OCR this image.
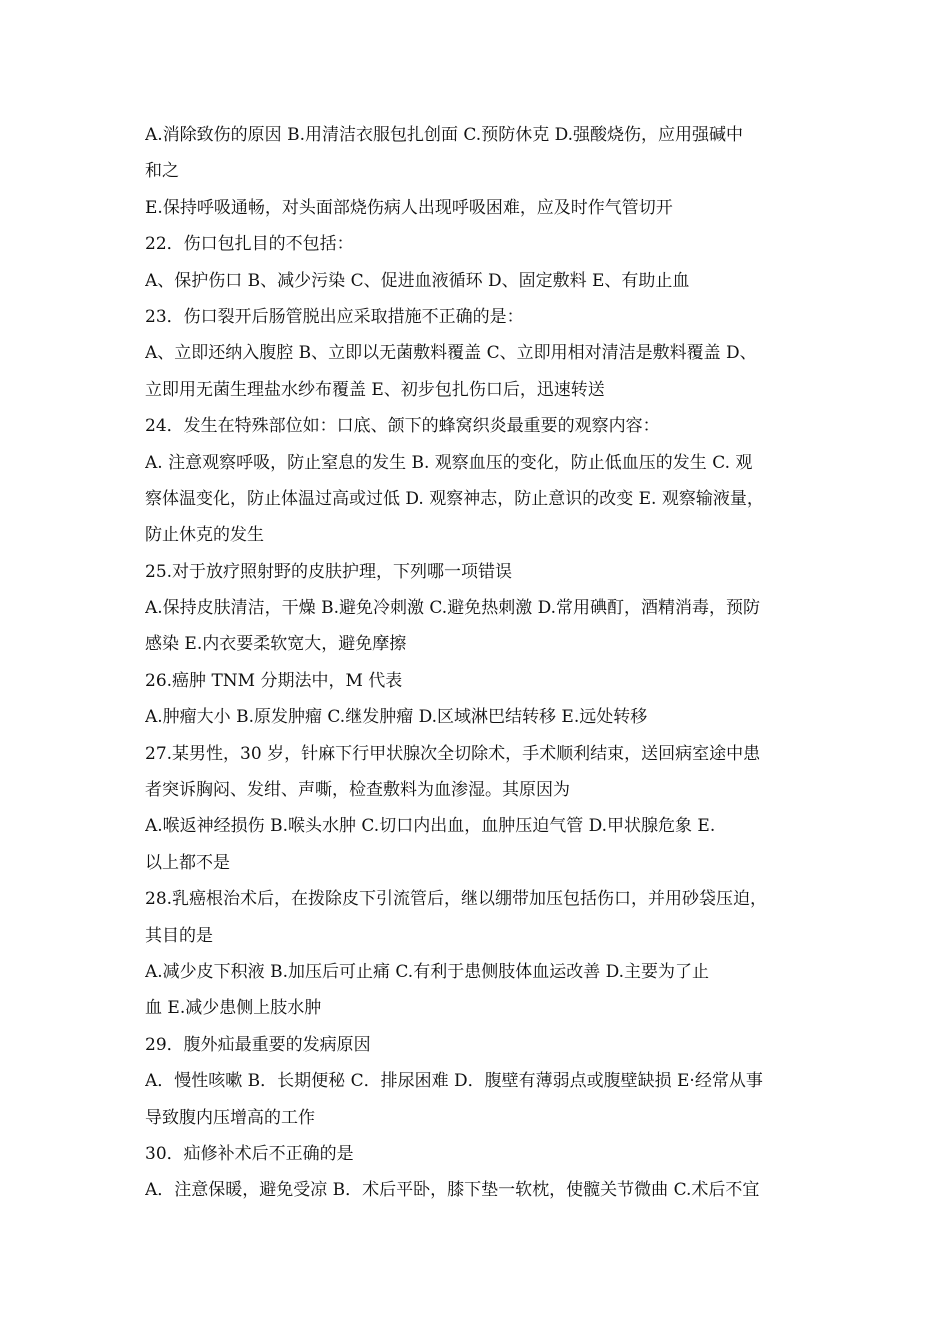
A.消除致伤的原因 B.用清洁衣服包扎创面 C.预防休克 D.强酸烧伤，应用强碱中
和之
E.保持呼吸通畅，对头面部烧伤病人出现呼吸困难，应及时作气管切开
22．伤口包扎目的不包括：
A、保护伤口 B、减少污染 C、促进血液循环 D、固定敷料 E、有助止血
23．伤口裂开后肠管脱出应采取措施不正确的是：
A、立即还纳入腹腔 B、立即以无菌敷料覆盖 C、立即用相对清洁是敷料覆盖 D、
立即用无菌生理盐水纱布覆盖 E、初步包扎伤口后，迅速转送
24．发生在特殊部位如：口底、颌下的蜂窝织炎最重要的观察内容：
A. 注意观察呼吸，防止窒息的发生 B. 观察血压的变化，防止低血压的发生 C. 观
察体温变化，防止体温过高或过低 D. 观察神志，防止意识的改变 E. 观察输液量，
防止休克的发生
25.对于放疗照射野的皮肤护理，下列哪一项错误
A.保持皮肤清洁，干燥 B.避免冷刺激 C.避免热刺激 D.常用碘酊，酒精消毒，预防
感染 E.内衣要柔软宽大，避免摩擦
26.癌肿 TNM 分期法中，M 代表
A.肿瘤大小 B.原发肿瘤 C.继发肿瘤 D.区域淋巴结转移 E.远处转移
27.某男性，30 岁，针麻下行甲状腺次全切除术，手术顺利结束，送回病室途中患
者突诉胸闷、发绀、声嘶，检查敷料为血渗湿。其原因为
A.喉返神经损伤 B.喉头水肿 C.切口内出血，血肿压迫气管 D.甲状腺危象 E.
以上都不是
28.乳癌根治术后，在拨除皮下引流管后，继以绷带加压包括伤口，并用砂袋压迫，
其目的是
A.减少皮下积液 B.加压后可止痛 C.有利于患侧肢体血运改善 D.主要为了止
血 E.减少患侧上肢水肿
29．腹外疝最重要的发病原因
A．慢性咳嗽 B．长期便秘 C．排尿困难 D．腹壁有薄弱点或腹壁缺损 E·经常从事
导致腹内压增高的工作
30．疝修补术后不正确的是
A．注意保暖，避免受凉 B．术后平卧，膝下垫一软枕，使髋关节微曲 C.术后不宜
